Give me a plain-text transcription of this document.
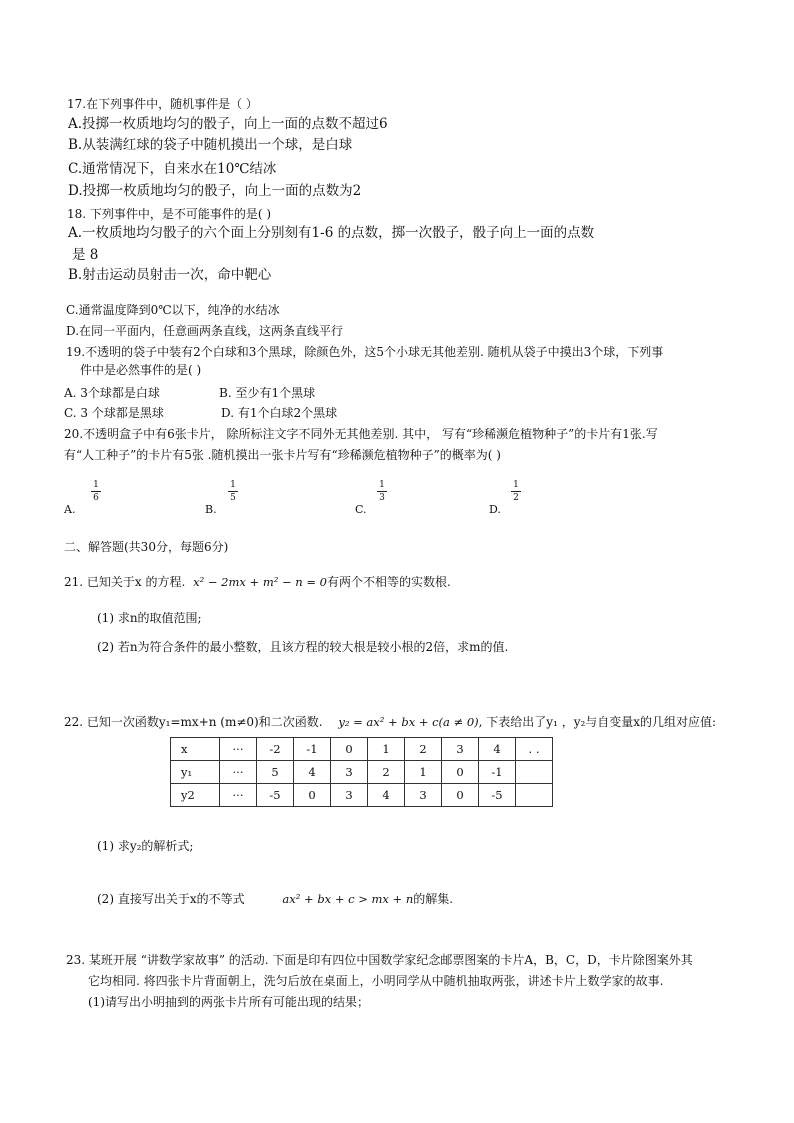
17.在下列事件中，随机事件是（ ）
A.投掷一枚质地均匀的骰子，向上一面的点数不超过6
B.从装满红球的袋子中随机摸出一个球，是白球
C.通常情况下，自来水在10℃结冰
D.投掷一枚质地均匀的骰子，向上一面的点数为2
18. 下列事件中，是不可能事件的是( )
A.一枚质地均匀骰子的六个面上分别刻有1-6 的点数，掷一次骰子，骰子向上一面的点数
是 8
B.射击运动员射击一次，命中靶心
C.通常温度降到0℃以下，纯净的水结冰
D.在同一平面内，任意画两条直线，这两条直线平行
19.不透明的袋子中装有2个白球和3个黑球，除颜色外，这5个小球无其他差别. 随机从袋子中摸出3个球，下列事
件中是必然事件的是( )
A. 3个球都是白球	B. 至少有1个黑球
C. 3 个球都是黑球	D. 有1个白球2个黑球
20.不透明盒子中有6张卡片， 除所标注文字不同外无其他差别. 其中， 写有“珍稀濒危植物种子”的卡片有1张.写
有“人工种子”的卡片有5张 .随机摸出一张卡片写有“珍稀濒危植物种子”的概率为( )
A.
1
6
B.
1
5
C.
1
3
D.
1
2
二、解答题(共30分，每题6分)
21. 已知关于x 的方程. x² − 2mx + m² − n = 0有两个不相等的实数根.
(1) 求n的取值范围;
(2) 若n为符合条件的最小整数，且该方程的较大根是较小根的2倍，求m的值.
22. 已知一次函数y₁=mx+n (m≠0)和二次函数. y₂ = ax² + bx + c(a ≠ 0), 下表给出了y₁ ，y₂与自变量x的几组对应值:
x	···	-2	-1	0	1	2	3	4	. .
y₁	···	5	4	3	2	1	0	-1	
y2	···	-5	0	3	4	3	0	-5	
(1) 求y₂的解析式;
(2) 直接写出关于x的不等式	ax² + bx + c > mx + n的解集.
23. 某班开展 “讲数学家故事” 的活动. 下面是印有四位中国数学家纪念邮票图案的卡片A，B，C，D，卡片除图案外其
它均相同. 将四张卡片背面朝上，洗匀后放在桌面上，小明同学从中随机抽取两张，讲述卡片上数学家的故事.
(1)请写出小明抽到的两张卡片所有可能出现的结果；
